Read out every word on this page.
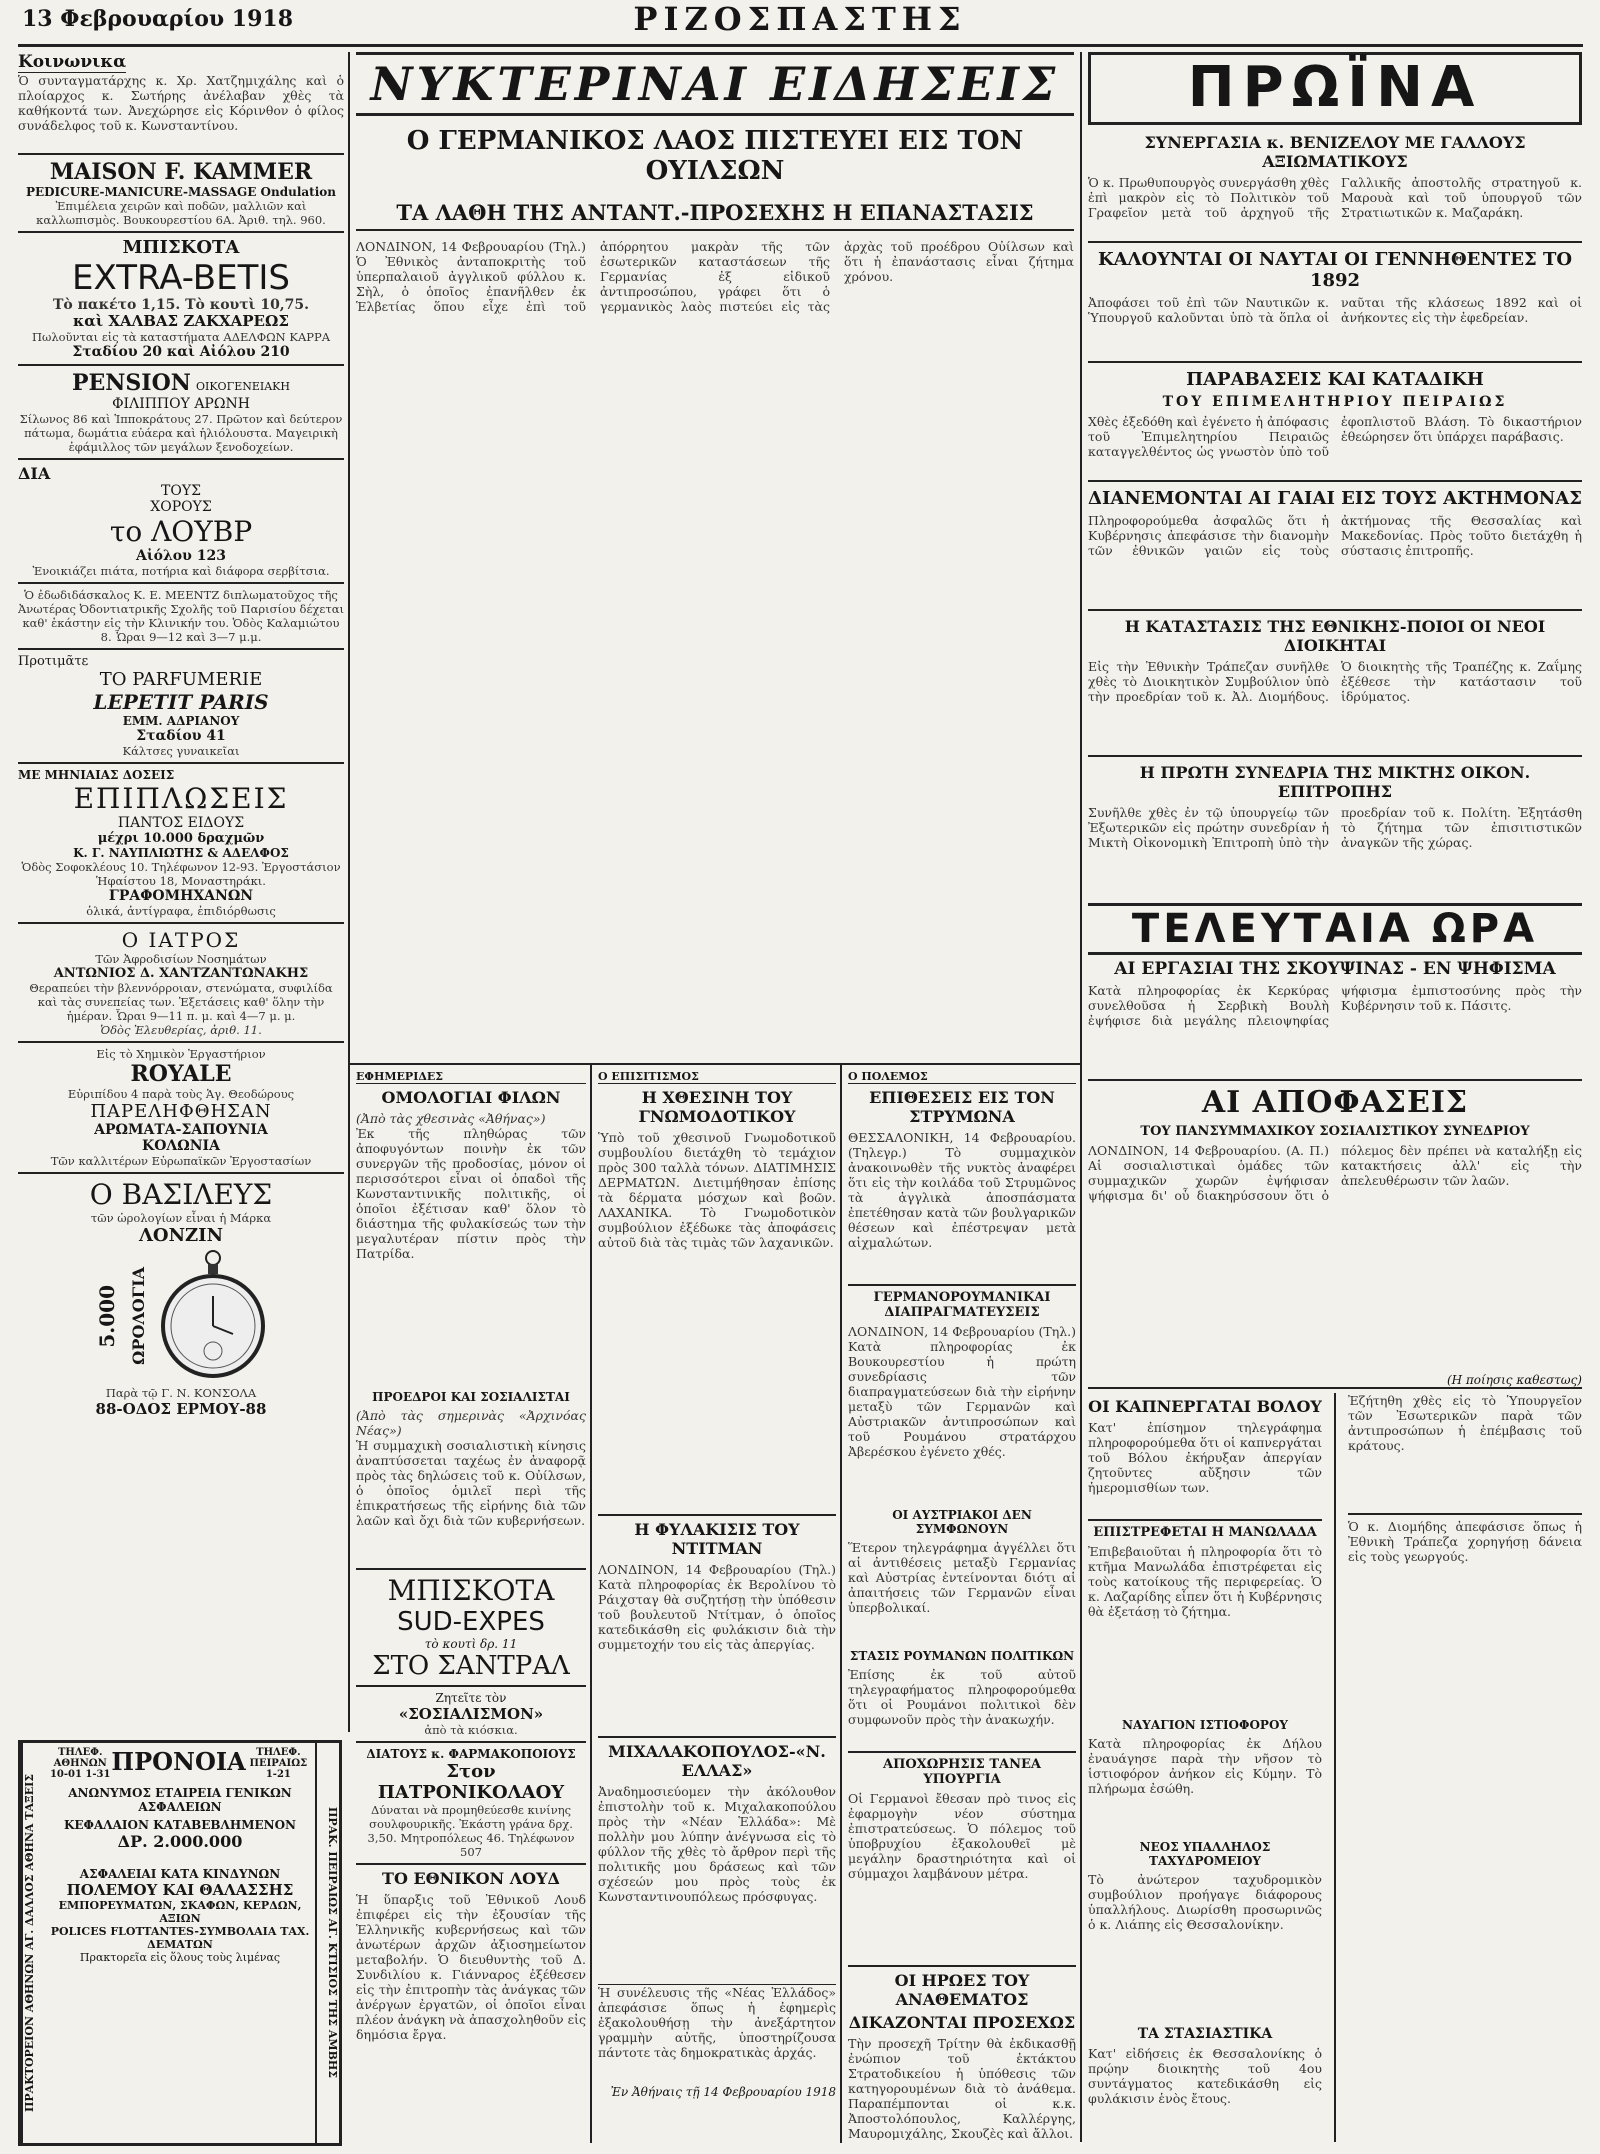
ΡΙΖΟΣΠΑΣΤΗΣ
13 Φεβρουαρίου 1918
Κοινωνικα
Ὁ συνταγματάρχης κ. Χρ. Χατζημιχάλης καὶ ὁ πλοίαρχος κ. Σωτήρης ἀνέλαβαν χθὲς τὰ καθήκοντά των. Ἀνεχώρησε εἰς Κόρινθον ὁ φίλος συνάδελφος τοῦ κ. Κωνσταντίνου.
MAISON F. KAMMER
PEDICURE-MANICURE-MASSAGE Ondulation
Ἐπιμέλεια χειρῶν καὶ ποδῶν, μαλλιῶν καὶ καλλωπισμὸς. Βουκουρεστίου 6Α. Ἀριθ. τηλ. 960.
ΜΠΙΣΚΟΤΑ
EXTRA-BETIS
Τὸ πακέτο 1,15. Τὸ κουτὶ 10,75.
καὶ ΧΑΛΒΑΣ ΖΑΚΧΑΡΕΩΣ
Πωλοῦνται εἰς τὰ καταστήματα ΑΔΕΛΦΩΝ ΚΑΡΡΑ
Σταδίου 20 καὶ Αἰόλου 210
PENSION ΟΙΚΟΓΕΝΕΙΑΚΗ
ΦΙΛΙΠΠΟΥ ΑΡΩΝΗ
Σίλωνος 86 καὶ Ἱπποκράτους 27. Πρῶτον καὶ δεύτερον πάτωμα, δωμάτια εὐάερα καὶ ἡλιόλουστα. Μαγειρικὴ ἐφάμιλλος τῶν μεγάλων ξενοδοχείων.
ΔΙΑ
ΤΟΥΣ
ΧΟΡΟΥΣ
το ΛΟΥΒΡ
Αἰόλου 123
Ἐνοικιάζει πιάτα, ποτήρια καὶ διάφορα σερβίτσια.
Ὁ ἐδωδιδάσκαλος Κ. Ε. ΜΕΕΝΤΖ διπλωματοῦχος τῆς Ἀνωτέρας Ὀδοντιατρικῆς Σχολῆς τοῦ Παρισίου δέχεται καθ' ἑκάστην εἰς τὴν Κλινικήν του. Ὁδὸς Καλαμιώτου 8. Ὧραι 9—12 καὶ 3—7 μ.μ.
Προτιμᾶτε
ΤΟ PARFUMERIE
LEPETIT PARIS
ΕΜΜ. ΑΔΡΙΑΝΟΥ
Σταδίου 41
Κάλτσες γυναικεῖαι
ΜΕ ΜΗΝΙΑΙΑΣ ΔΟΣΕΙΣ
ΕΠΙΠΛΩΣΕΙΣ
ΠΑΝΤΟΣ ΕΙΔΟΥΣ
μέχρι 10.000 δραχμῶν
Κ. Γ. ΝΑΥΠΛΙΩΤΗΣ & ΑΔΕΛΦΟΣ
Ὁδὸς Σοφοκλέους 10. Τηλέφωνον 12-93. Ἐργοστάσιον Ἡφαίστου 18, Μοναστηράκι.
ΓΡΑΦΟΜΗΧΑΝΩΝ
ὁλικά, ἀντίγραφα, ἐπιδιόρθωσις
Ο ΙΑΤΡΟΣ
Τῶν Ἀφροδισίων Νοσημάτων
ΑΝΤΩΝΙΟΣ Δ. ΧΑΝΤΖΑΝΤΩΝΑΚΗΣ
Θεραπεύει τὴν βλεννόρροιαν, στενώματα, συφιλίδα καὶ τὰς συνεπείας των. Ἐξετάσεις καθ' ὅλην τὴν ἡμέραν. Ὧραι 9—11 π. μ. καὶ 4—7 μ. μ.
Ὁδὸς Ἐλευθερίας, ἀριθ. 11.
Εἰς τὸ Χημικὸν Ἐργαστήριον
ROYALE
Εὐριπίδου 4 παρὰ τοὺς Ἁγ. Θεοδώρους
ΠΑΡΕΛΗΦΘΗΣΑΝ
ΑΡΩΜΑΤΑ-ΣΑΠΟΥΝΙΑ
ΚΟΛΩΝΙΑ
Τῶν καλλιτέρων Εὐρωπαϊκῶν Ἐργοστασίων
Ο ΒΑΣΙΛΕΥΣ
τῶν ὡρολογίων εἶναι ἡ Μάρκα
ΛΟΝΖΙΝ
5.000 ΩΡΟΛΟΓΙΑ
Παρὰ τῷ Γ. Ν. ΚΟΝΣΟΛΑ
88-ΟΔΟΣ ΕΡΜΟΥ-88
ΠΡΑΚΤΟΡΕΙΟΝ ΑΘΗΝΩΝ ΑΓ. ΔΑΛΛΟΣ ΑΘΗΝΑ ΤΑΞΕΙΣ
ΤΗΛΕΦ. ΑΘΗΝΩΝ
10-01 1-31 ΠΡΟΝΟΙΑ	ΤΗΛΕΦ. ΠΕΙΡΑΙΩΣ
1-21
ΑΝΩΝΥΜΟΣ ΕΤΑΙΡΕΙΑ ΓΕΝΙΚΩΝ ΑΣΦΑΛΕΙΩΝ
ΚΕΦΑΛΑΙΟΝ ΚΑΤΑΒΕΒΛΗΜΕΝΟΝ
ΔΡ. 2.000.000
ΑΣΦΑΛΕΙΑΙ ΚΑΤΑ ΚΙΝΔΥΝΩΝ
ΠΟΛΕΜΟΥ ΚΑΙ ΘΑΛΑΣΣΗΣ
ΕΜΠΟΡΕΥΜΑΤΩΝ, ΣΚΑΦΩΝ, ΚΕΡΔΩΝ, ΑΞΙΩΝ
POLICES FLOTTANTES-ΣΥΜΒΟΛΑΙΑ ΤΑΧ. ΔΕΜΑΤΩΝ
Πρακτορεῖα εἰς ὅλους τοὺς λιμένας	ΠΡΑΚ. ΠΕΙΡΑΙΩΣ ΑΓ. ΚΤΙΣΙΟΣ ΤΗΣ ΑΜΒΗΣ
ΝΥΚΤΕΡΙΝΑΙ ΕΙΔΗΣΕΙΣ
Ο ΓΕΡΜΑΝΙΚΟΣ ΛΑΟΣ ΠΙΣΤΕΥΕΙ ΕΙΣ ΤΟΝ ΟΥΙΛΣΩΝ
ΤΑ ΛΑΘΗ ΤΗΣ ΑΝΤΑΝΤ.-ΠΡΟΣΕΧΗΣ Η ΕΠΑΝΑΣΤΑΣΙΣ
ΛΟΝΔΙΝΟΝ, 14 Φεβρουαρίου (Τηλ.) Ὁ Ἐθνικὸς ἀνταποκριτὴς τοῦ ὑπερπαλαιοῦ ἀγγλικοῦ φύλλου κ. Σὴλ, ὁ ὁποῖος ἐπανῆλθεν ἐκ Ἑλβετίας ὅπου εἶχε ἐπὶ τοῦ ἀπόρρητου μακρὰν τῆς τῶν ἐσωτερικῶν καταστάσεων τῆς Γερμανίας ἐξ εἰδικοῦ ἀντιπροσώπου, γράφει ὅτι ὁ γερμανικὸς λαὸς πιστεύει εἰς τὰς ἀρχὰς τοῦ προέδρου Οὐίλσων καὶ ὅτι ἡ ἐπανάστασις εἶναι ζήτημα χρόνου.
ΕΦΗΜΕΡΙΔΕΣ
ΟΜΟΛΟΓΙΑΙ ΦΙΛΩΝ
(Ἀπὸ τὰς χθεσινὰς «Ἀθήνας»)
Ἐκ τῆς πληθώρας τῶν ἀποφυγόντων ποινὴν ἐκ τῶν συνεργῶν τῆς προδοσίας, μόνον οἱ περισσότεροι εἶναι οἱ ὁπαδοὶ τῆς Κωνσταντινικῆς πολιτικῆς, οἱ ὁποῖοι ἐξέτισαν καθ' ὅλον τὸ διάστημα τῆς φυλακίσεώς των τὴν μεγαλυτέραν πίστιν πρὸς τὴν Πατρίδα.
ΠΡΟΕΔΡΟΙ ΚΑΙ ΣΟΣΙΑΛΙΣΤΑΙ
(Ἀπὸ τὰς σημερινὰς «Ἀρχινόας Νέας»)
Ἡ συμμαχικὴ σοσιαλιστικὴ κίνησις ἀναπτύσσεται ταχέως ἐν ἀναφορᾷ πρὸς τὰς δηλώσεις τοῦ κ. Οὐίλσων, ὁ ὁποῖος ὁμιλεῖ περὶ τῆς ἐπικρατήσεως τῆς εἰρήνης διὰ τῶν λαῶν καὶ ὄχι διὰ τῶν κυβερνήσεων.
ΜΠΙΣΚΟΤΑ
SUD-EXPES
τὸ κουτὶ δρ. 11
ΣΤΟ ΣΑΝΤΡΑΛ
Ζητεῖτε τὸν
«ΣΟΣΙΑΛΙΣΜΟΝ»
ἀπὸ τὰ κιόσκια.
ΔΙΑΤΟΥΣ κ. ΦΑΡΜΑΚΟΠΟΙΟΥΣ
Στον ΠΑΤΡΟΝΙΚΟΛΑΟΥ
Δύναται νὰ προμηθεύεσθε κινίνης σουλφουρικῆς. Ἐκάστη γράνα δρχ. 3,50. Μητροπόλεως 46. Τηλέφωνον 507
ΤΟ ΕΘΝΙΚΟΝ ΛΟΥΔ
Ἡ ὕπαρξις τοῦ Ἐθνικοῦ Λουδ ἐπιφέρει εἰς τὴν ἐξουσίαν τῆς Ἑλληνικῆς κυβερνήσεως καὶ τῶν ἀνωτέρων ἀρχῶν ἀξιοσημείωτον μεταβολήν. Ὁ διευθυντὴς τοῦ Δ. Συνδιλίου κ. Γιάνναρος ἐξέθεσεν εἰς τὴν ἐπιτροπὴν τὰς ἀνάγκας τῶν ἀνέργων ἐργατῶν, οἱ ὁποῖοι εἶναι πλέον ἀνάγκη νὰ ἀπασχοληθοῦν εἰς δημόσια ἔργα.
Ο ΕΠΙΣΙΤΙΣΜΟΣ
Η ΧΘΕΣΙΝΗ ΤΟΥ ΓΝΩΜΟΔΟΤΙΚΟΥ
Ὑπὸ τοῦ χθεσινοῦ Γνωμοδοτικοῦ συμβουλίου διετάχθη τὸ τεμάχιον πρὸς 300 ταλλὰ τόνων. ΔΙΑΤΙΜΗΣΙΣ ΔΕΡΜΑΤΩΝ. Διετιμήθησαν ἐπίσης τὰ δέρματα μόσχων καὶ βοῶν. ΛΑΧΑΝΙΚΑ. Τὸ Γνωμοδοτικὸν συμβούλιον ἐξέδωκε τὰς ἀποφάσεις αὐτοῦ διὰ τὰς τιμὰς τῶν λαχανικῶν.
Η ΦΥΛΑΚΙΣΙΣ ΤΟΥ ΝΤΙΤΜΑΝ
ΛΟΝΔΙΝΟΝ, 14 Φεβρουαρίου (Τηλ.) Κατὰ πληροφορίας ἐκ Βερολίνου τὸ Ράιχσταγ θὰ συζητήσῃ τὴν ὑπόθεσιν τοῦ βουλευτοῦ Ντίτμαν, ὁ ὁποῖος κατεδικάσθη εἰς φυλάκισιν διὰ τὴν συμμετοχήν του εἰς τὰς ἀπεργίας.
ΜΙΧΑΛΑΚΟΠΟΥΛΟΣ-«Ν. ΕΛΛΑΣ»
Ἀναδημοσιεύομεν τὴν ἀκόλουθον ἐπιστολὴν τοῦ κ. Μιχαλακοπούλου πρὸς τὴν «Νέαν Ἑλλάδα»: Μὲ πολλὴν μου λύπην ἀνέγνωσα εἰς τὸ φύλλον τῆς χθὲς τὸ ἄρθρον περὶ τῆς πολιτικῆς μου δράσεως καὶ τῶν σχέσεών μου πρὸς τοὺς ἐκ Κωνσταντινουπόλεως πρόσφυγας.
Ἡ συνέλευσις τῆς «Νέας Ἑλλάδος» ἀπεφάσισε ὅπως ἡ ἐφημερὶς ἐξακολουθήσῃ τὴν ἀνεξάρτητον γραμμὴν αὐτῆς, ὑποστηρίζουσα πάντοτε τὰς δημοκρατικὰς ἀρχάς.
Ἐν Ἀθήναις τῇ 14 Φεβρουαρίου 1918
Ο ΠΟΛΕΜΟΣ
ΕΠΙΘΕΣΕΙΣ ΕΙΣ ΤΟΝ ΣΤΡΥΜΩΝΑ
ΘΕΣΣΑΛΟΝΙΚΗ, 14 Φεβρουαρίου. (Τηλεγρ.) Τὸ συμμαχικὸν ἀνακοινωθὲν τῆς νυκτὸς ἀναφέρει ὅτι εἰς τὴν κοιλάδα τοῦ Στρυμῶνος τὰ ἀγγλικὰ ἀποσπάσματα ἐπετέθησαν κατὰ τῶν βουλγαρικῶν θέσεων καὶ ἐπέστρεψαν μετὰ αἰχμαλώτων.
ΓΕΡΜΑΝΟΡΟΥΜΑΝΙΚΑΙ ΔΙΑΠΡΑΓΜΑΤΕΥΣΕΙΣ
ΛΟΝΔΙΝΟΝ, 14 Φεβρουαρίου (Τηλ.) Κατὰ πληροφορίας ἐκ Βουκουρεστίου ἡ πρώτη συνεδρίασις τῶν διαπραγματεύσεων διὰ τὴν εἰρήνην μεταξὺ τῶν Γερμανῶν καὶ Αὐστριακῶν ἀντιπροσώπων καὶ τοῦ Ρουμάνου στρατάρχου Ἀβερέσκου ἐγένετο χθές.
ΟΙ ΑΥΣΤΡΙΑΚΟΙ ΔΕΝ ΣΥΜΦΩΝΟΥΝ
Ἕτερον τηλεγράφημα ἀγγέλλει ὅτι αἱ ἀντιθέσεις μεταξὺ Γερμανίας καὶ Αὐστρίας ἐντείνονται διότι αἱ ἀπαιτήσεις τῶν Γερμανῶν εἶναι ὑπερβολικαί.
ΣΤΑΣΙΣ ΡΟΥΜΑΝΩΝ ΠΟΛΙΤΙΚΩΝ
Ἐπίσης ἐκ τοῦ αὐτοῦ τηλεγραφήματος πληροφορούμεθα ὅτι οἱ Ρουμάνοι πολιτικοὶ δὲν συμφωνοῦν πρὸς τὴν ἀνακωχήν.
ΑΠΟΧΩΡΗΣΙΣ ΤΑΝΕΑ ΥΠΟΥΡΓΙΑ
Οἱ Γερμανοὶ ἔθεσαν πρὸ τινος εἰς ἐφαρμογὴν νέον σύστημα ἐπιστρατεύσεως. Ὁ πόλεμος τοῦ ὑποβρυχίου ἐξακολουθεῖ μὲ μεγάλην δραστηριότητα καὶ οἱ σύμμαχοι λαμβάνουν μέτρα.
ΟΙ ΗΡΩΕΣ ΤΟΥ ΑΝΑΘΕΜΑΤΟΣ
ΔΙΚΑΖΟΝΤΑΙ ΠΡΟΣΕΧΩΣ
Τὴν προσεχῆ Τρίτην θὰ ἐκδικασθῇ ἐνώπιον τοῦ ἐκτάκτου Στρατοδικείου ἡ ὑπόθεσις τῶν κατηγορουμένων διὰ τὸ ἀνάθεμα. Παραπέμπονται οἱ κ.κ. Ἀποστολόπουλος, Καλλέργης, Μαυρομιχάλης, Σκουζὲς καὶ ἄλλοι.
ΠΡΩΪΝΑ
ΣΥΝΕΡΓΑΣΙΑ κ. ΒΕΝΙΖΕΛΟΥ ΜΕ ΓΑΛΛΟΥΣ ΑΞΙΩΜΑΤΙΚΟΥΣ
Ὁ κ. Πρωθυπουργὸς συνεργάσθη χθὲς ἐπὶ μακρὸν εἰς τὸ Πολιτικὸν τοῦ Γραφεῖον μετὰ τοῦ ἀρχηγοῦ τῆς Γαλλικῆς ἀποστολῆς στρατηγοῦ κ. Μαρουὰ καὶ τοῦ ὑπουργοῦ τῶν Στρατιωτικῶν κ. Μαζαράκη.
ΚΑΛΟΥΝΤΑΙ ΟΙ ΝΑΥΤΑΙ ΟΙ ΓΕΝΝΗΘΕΝΤΕΣ ΤΟ 1892
Ἀποφάσει τοῦ ἐπὶ τῶν Ναυτικῶν κ. Ὑπουργοῦ καλοῦνται ὑπὸ τὰ ὅπλα οἱ ναῦται τῆς κλάσεως 1892 καὶ οἱ ἀνήκοντες εἰς τὴν ἐφεδρείαν.
ΠΑΡΑΒΑΣΕΙΣ ΚΑΙ ΚΑΤΑΔΙΚΗ
ΤΟΥ ΕΠΙΜΕΛΗΤΗΡΙΟΥ ΠΕΙΡΑΙΩΣ
Χθὲς ἐξεδόθη καὶ ἐγένετο ἡ ἀπόφασις τοῦ Ἐπιμελητηρίου Πειραιῶς καταγγελθέντος ὡς γνωστὸν ὑπὸ τοῦ ἐφοπλιστοῦ Βλάση. Τὸ δικαστήριον ἐθεώρησεν ὅτι ὑπάρχει παράβασις.
ΔΙΑΝΕΜΟΝΤΑΙ ΑΙ ΓΑΙΑΙ ΕΙΣ ΤΟΥΣ ΑΚΤΗΜΟΝΑΣ
Πληροφορούμεθα ἀσφαλῶς ὅτι ἡ Κυβέρνησις ἀπεφάσισε τὴν διανομὴν τῶν ἐθνικῶν γαιῶν εἰς τοὺς ἀκτήμονας τῆς Θεσσαλίας καὶ Μακεδονίας. Πρὸς τοῦτο διετάχθη ἡ σύστασις ἐπιτροπῆς.
Η ΚΑΤΑΣΤΑΣΙΣ ΤΗΣ ΕΘΝΙΚΗΣ-ΠΟΙΟΙ ΟΙ ΝΕΟΙ ΔΙΟΙΚΗΤΑΙ
Εἰς τὴν Ἐθνικὴν Τράπεζαν συνῆλθε χθὲς τὸ Διοικητικὸν Συμβούλιον ὑπὸ τὴν προεδρίαν τοῦ κ. Ἀλ. Διομήδους. Ὁ διοικητὴς τῆς Τραπέζης κ. Ζαΐμης ἐξέθεσε τὴν κατάστασιν τοῦ ἱδρύματος.
Η ΠΡΩΤΗ ΣΥΝΕΔΡΙΑ ΤΗΣ ΜΙΚΤΗΣ ΟΙΚΟΝ. ΕΠΙΤΡΟΠΗΣ
Συνῆλθε χθὲς ἐν τῷ ὑπουργείῳ τῶν Ἐξωτερικῶν εἰς πρώτην συνεδρίαν ἡ Μικτὴ Οἰκονομικὴ Ἐπιτροπὴ ὑπὸ τὴν προεδρίαν τοῦ κ. Πολίτη. Ἐξητάσθη τὸ ζήτημα τῶν ἐπισιτιστικῶν ἀναγκῶν τῆς χώρας.
ΤΕΛΕΥΤΑΙΑ ΩΡΑ
ΑΙ ΕΡΓΑΣΙΑΙ ΤΗΣ ΣΚΟΥΨΙΝΑΣ - ΕΝ ΨΗΦΙΣΜΑ
Κατὰ πληροφορίας ἐκ Κερκύρας συνελθοῦσα ἡ Σερβικὴ Βουλὴ ἐψήφισε διὰ μεγάλης πλειοψηφίας ψήφισμα ἐμπιστοσύνης πρὸς τὴν Κυβέρνησιν τοῦ κ. Πάσιτς.
ΑΙ ΑΠΟΦΑΣΕΙΣ
ΤΟΥ ΠΑΝΣΥΜΜΑΧΙΚΟΥ ΣΟΣΙΑΛΙΣΤΙΚΟΥ ΣΥΝΕΔΡΙΟΥ
ΛΟΝΔΙΝΟΝ, 14 Φεβρουαρίου. (Α. Π.) Αἱ σοσιαλιστικαὶ ὁμάδες τῶν συμμαχικῶν χωρῶν ἐψήφισαν ψήφισμα δι' οὗ διακηρύσσουν ὅτι ὁ πόλεμος δὲν πρέπει νὰ καταλήξῃ εἰς κατακτήσεις ἀλλ' εἰς τὴν ἀπελευθέρωσιν τῶν λαῶν.
(Η ποίησις καθεστως)
ΟΙ ΚΑΠΝΕΡΓΑΤΑΙ ΒΟΛΟΥ
Κατ' ἐπίσημον τηλεγράφημα πληροφορούμεθα ὅτι οἱ καπνεργάται τοῦ Βόλου ἐκήρυξαν ἀπεργίαν ζητοῦντες αὔξησιν τῶν ἡμερομισθίων των.
ΕΠΙΣΤΡΕΦΕΤΑΙ Η ΜΑΝΩΛΑΔΑ
Ἐπιβεβαιοῦται ἡ πληροφορία ὅτι τὸ κτῆμα Μανωλάδα ἐπιστρέφεται εἰς τοὺς κατοίκους τῆς περιφερείας. Ὁ κ. Λαζαρίδης εἶπεν ὅτι ἡ Κυβέρνησις θὰ ἐξετάσῃ τὸ ζήτημα.
ΝΑΥΑΓΙΟΝ ΙΣΤΙΟΦΟΡΟΥ
Κατὰ πληροφορίας ἐκ Δήλου ἐναυάγησε παρὰ τὴν νῆσον τὸ ἱστιοφόρον ἀνήκον εἰς Κύμην. Τὸ πλήρωμα ἐσώθη.
ΝΕΟΣ ΥΠΑΛΛΗΛΟΣ ΤΑΧΥΔΡΟΜΕΙΟΥ
Τὸ ἀνώτερον ταχυδρομικὸν συμβούλιον προήγαγε διάφορους ὑπαλλήλους. Διωρίσθη προσωρινῶς ὁ κ. Λιάπης εἰς Θεσσαλονίκην.
ΤΑ ΣΤΑΣΙΑΣΤΙΚΑ
Κατ' εἰδήσεις ἐκ Θεσσαλονίκης ὁ πρῴην διοικητὴς τοῦ 4ου συντάγματος κατεδικάσθη εἰς φυλάκισιν ἑνὸς ἔτους.
Ἐζήτηθη χθὲς εἰς τὸ Ὑπουργεῖον τῶν Ἐσωτερικῶν παρὰ τῶν ἀντιπροσώπων ἡ ἐπέμβασις τοῦ κράτους.
Ὁ κ. Διομήδης ἀπεφάσισε ὅπως ἡ Ἐθνικὴ Τράπεζα χορηγήσῃ δάνεια εἰς τοὺς γεωργούς.
